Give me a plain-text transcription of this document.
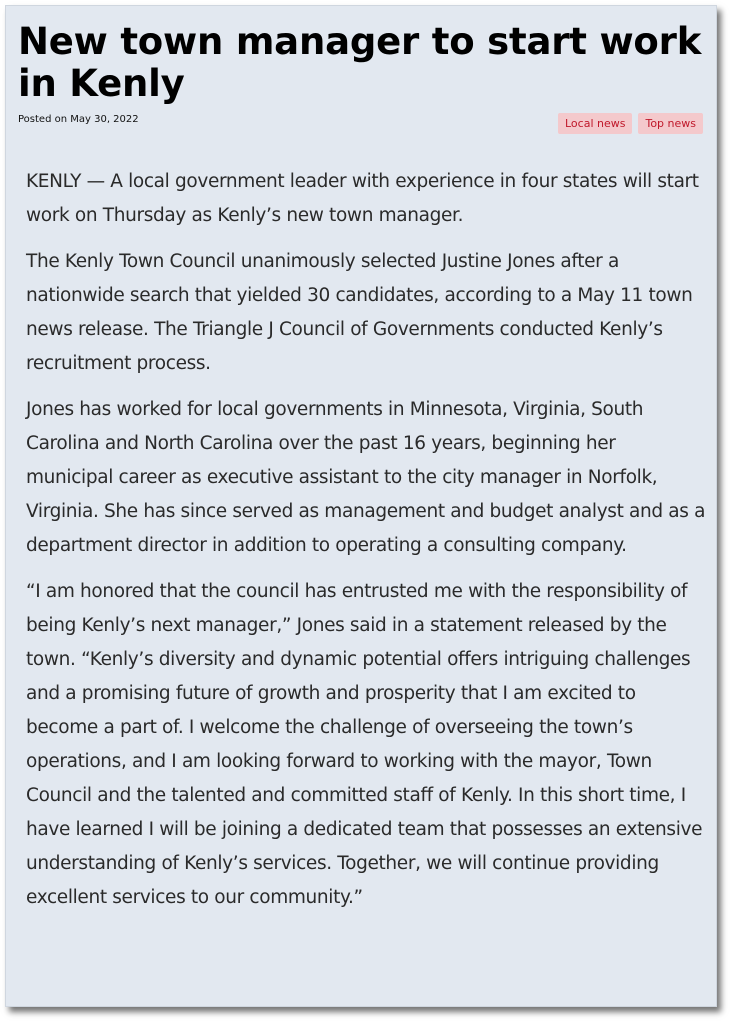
New town manager to start work in Kenly
Posted on May 30, 2022	Local news	Top news

KENLY — A local government leader with experience in four states will start work on Thursday as Kenly’s new town manager.

The Kenly Town Council unanimously selected Justine Jones after a nationwide search that yielded 30 candidates, according to a May 11 town news release. The Triangle J Council of Governments conducted Kenly’s recruitment process.

Jones has worked for local governments in Minnesota, Virginia, South Carolina and North Carolina over the past 16 years, beginning her municipal career as executive assistant to the city manager in Norfolk, Virginia. She has since served as management and budget analyst and as a department director in addition to operating a consulting company.

“I am honored that the council has entrusted me with the responsibility of being Kenly’s next manager,” Jones said in a statement released by the town. “Kenly’s diversity and dynamic potential offers intriguing challenges and a promising future of growth and prosperity that I am excited to become a part of. I welcome the challenge of overseeing the town’s operations, and I am looking forward to working with the mayor, Town Council and the talented and committed staff of Kenly. In this short time, I have learned I will be joining a dedicated team that possesses an extensive understanding of Kenly’s services. Together, we will continue providing excellent services to our community.”
